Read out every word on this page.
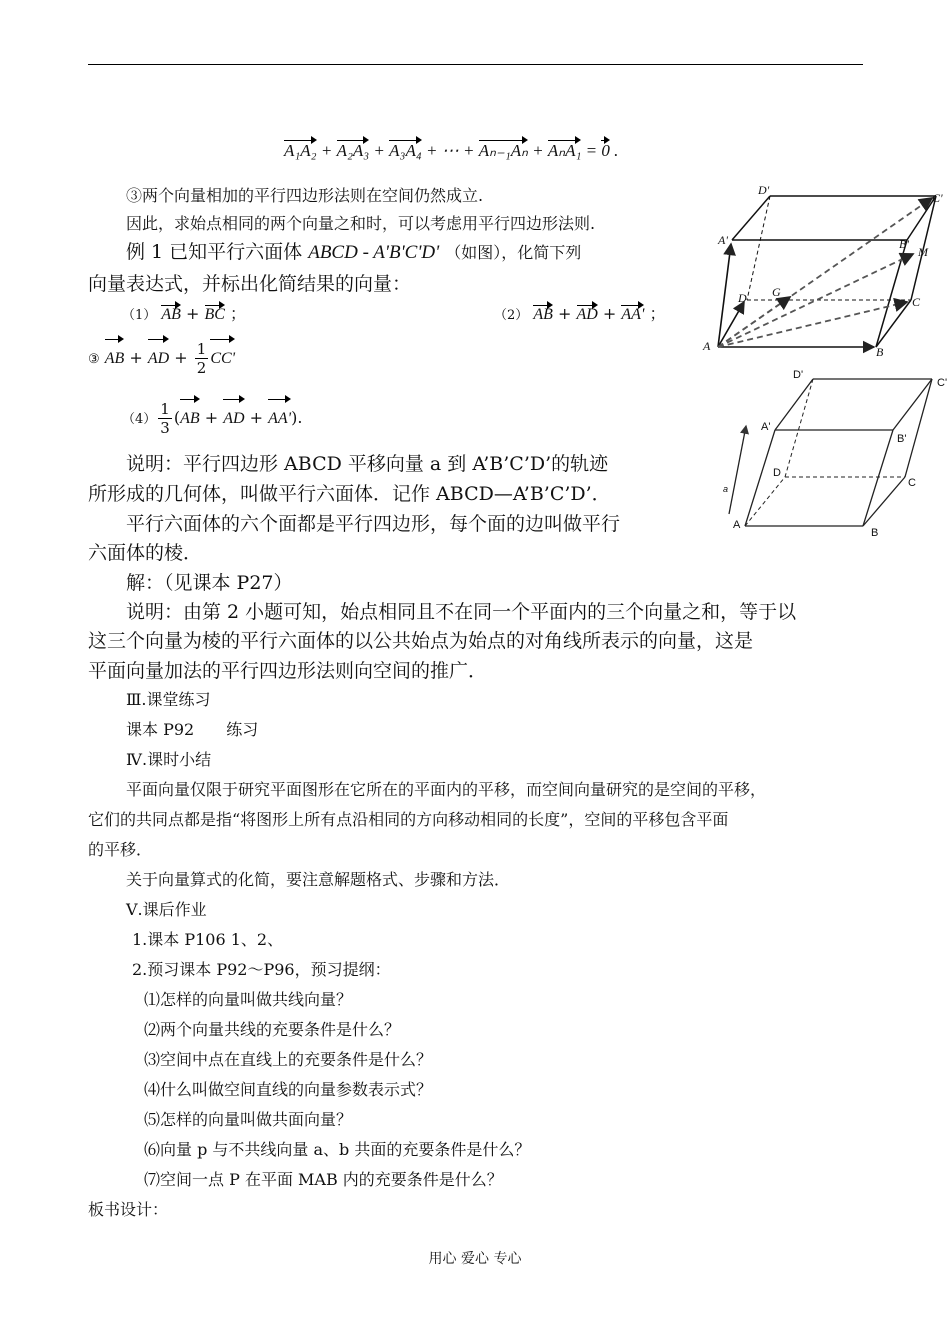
A₁A₂ + A₂A₃ + A₃A₄ + ⋯ + Aₙ₋₁Aₙ + AₙA₁ = 0 .
③两个向量相加的平行四边形法则在空间仍然成立.
因此，求始点相同的两个向量之和时，可以考虑用平行四边形法则.
例 1 已知平行六面体 ABCD - A'B'C'D' （如图），化简下列
向量表达式，并标出化简结果的向量：
（1） AB + BC ；	（2） AB + AD + AA' ；
③ AB + AD + $\frac{1}{2} CC'$
$(4) \frac{1}{3} (AB$ + AD + AA').
说明：平行四边形 ABCD 平移向量 a 到 A’B’C’D’的轨迹
所形成的几何体，叫做平行六面体．记作 ABCD—A’B’C’D’．
平行六面体的六个面都是平行四边形，每个面的边叫做平行
六面体的棱．
解：（见课本 P27）
说明：由第 2 小题可知，始点相同且不在同一个平面内的三个向量之和，等于以
这三个向量为棱的平行六面体的以公共始点为始点的对角线所表示的向量，这是
平面向量加法的平行四边形法则向空间的推广．
Ⅲ.课堂练习
课本 P92　　练习
Ⅳ.课时小结
平面向量仅限于研究平面图形在它所在的平面内的平移，而空间向量研究的是空间的平移，
它们的共同点都是指“将图形上所有点沿相同的方向移动相同的长度”，空间的平移包含平面
的平移．
关于向量算式的化简，要注意解题格式、步骤和方法．
Ⅴ.课后作业
1.课本 P106 1、2、
2.预习课本 P92～P96，预习提纲：
⑴怎样的向量叫做共线向量？
⑵两个向量共线的充要条件是什么？
⑶空间中点在直线上的充要条件是什么？
⑷什么叫做空间直线的向量参数表示式？
⑸怎样的向量叫做共面向量？
⑹向量 p 与不共线向量 a、b 共面的充要条件是什么？
⑺空间一点 P 在平面 MAB 内的充要条件是什么？
板书设计：
用心 爱心 专心
D'
C'
A'	B'
M
D G
C
A	B
D'
C'
A'
B'
D
C
A
B
a
